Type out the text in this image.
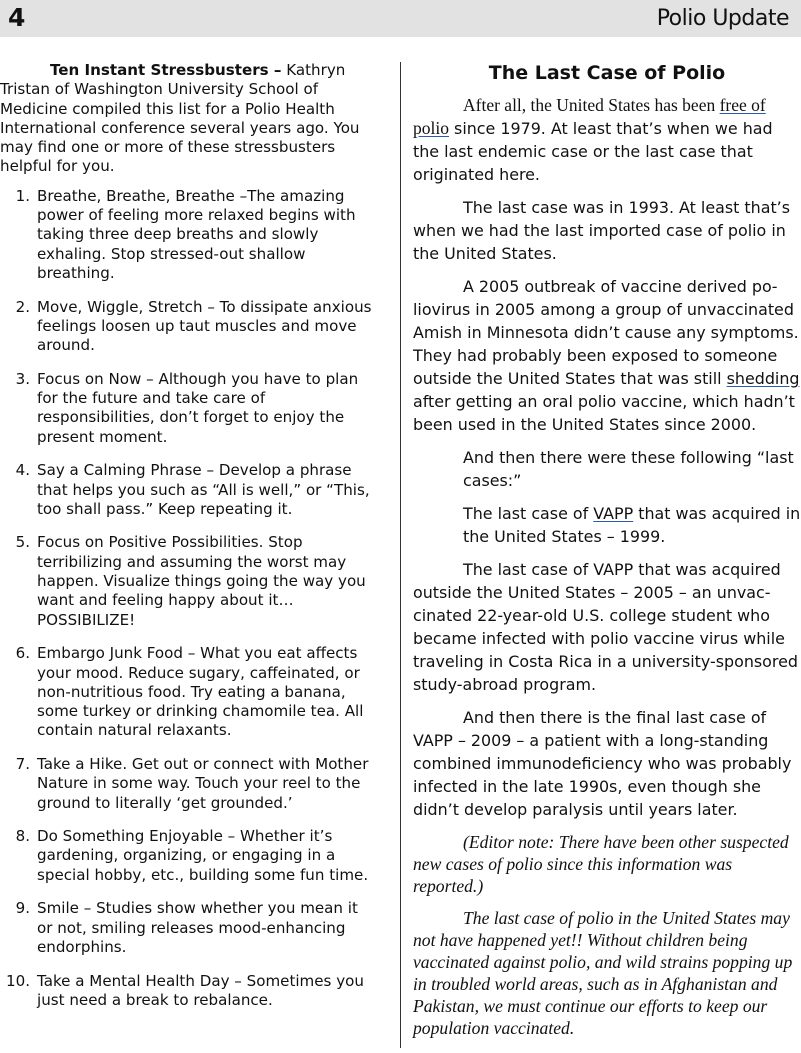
4	Polio Update

Ten Instant Stressbusters – Kathryn Tristan of Washington University School of Medicine compiled this list for a Polio Health International conference several years ago. You may find one or more of these stressbusters helpful for you.

1. Breathe, Breathe, Breathe –The amazing power of feeling more relaxed begins with taking three deep breaths and slowly exhaling. Stop stressed-out shallow breathing.
2. Move, Wiggle, Stretch – To dissipate anxious feelings loosen up taut muscles and move around.
3. Focus on Now – Although you have to plan for the future and take care of responsibilities, don’t forget to enjoy the present moment.
4. Say a Calming Phrase – Develop a phrase that helps you such as “All is well,” or “This, too shall pass.” Keep repeating it.
5. Focus on Positive Possibilities. Stop terribilizing and assuming the worst may happen. Visualize things going the way you want and feeling happy about it… POSSIBILIZE!
6. Embargo Junk Food – What you eat affects your mood. Reduce sugary, caffeinated, or non-nutritious food. Try eating a banana, some turkey or drinking chamomile tea. All contain natural relaxants.
7. Take a Hike. Get out or connect with Mother Nature in some way. Touch your reel to the ground to literally ‘get grounded.’
8. Do Something Enjoyable – Whether it’s gardening, organizing, or engaging in a special hobby, etc., building some fun time.
9. Smile – Studies show whether you mean it or not, smiling releases mood-enhancing endorphins.
10. Take a Mental Health Day – Sometimes you just need a break to rebalance.
The Last Case of Polio

After all, the United States has been free of polio since 1979. At least that’s when we had the last endemic case or the last case that originated here.

The last case was in 1993. At least that’s when we had the last imported case of polio in the United States.

A 2005 outbreak of vaccine derived poliovirus in 2005 among a group of unvaccinated Amish in Minnesota didn’t cause any symptoms. They had probably been exposed to someone outside the United States that was still shedding after getting an oral polio vaccine, which hadn’t been used in the United States since 2000.

And then there were these following “last cases:”

The last case of VAPP that was acquired in the United States – 1999.

The last case of VAPP that was acquired outside the United States – 2005 – an unvaccinated 22-year-old U.S. college student who became infected with polio vaccine virus while traveling in Costa Rica in a university-sponsored study-abroad program.

And then there is the final last case of VAPP – 2009 – a patient with a long-standing combined immunodeficiency who was probably infected in the late 1990s, even though she didn’t develop paralysis until years later.

(Editor note: There have been other suspected new cases of polio since this information was reported.)

The last case of polio in the United States may not have happened yet!! Without children being vaccinated against polio, and wild strains popping up in troubled world areas, such as in Afghanistan and Pakistan, we must continue our efforts to keep our population vaccinated.
